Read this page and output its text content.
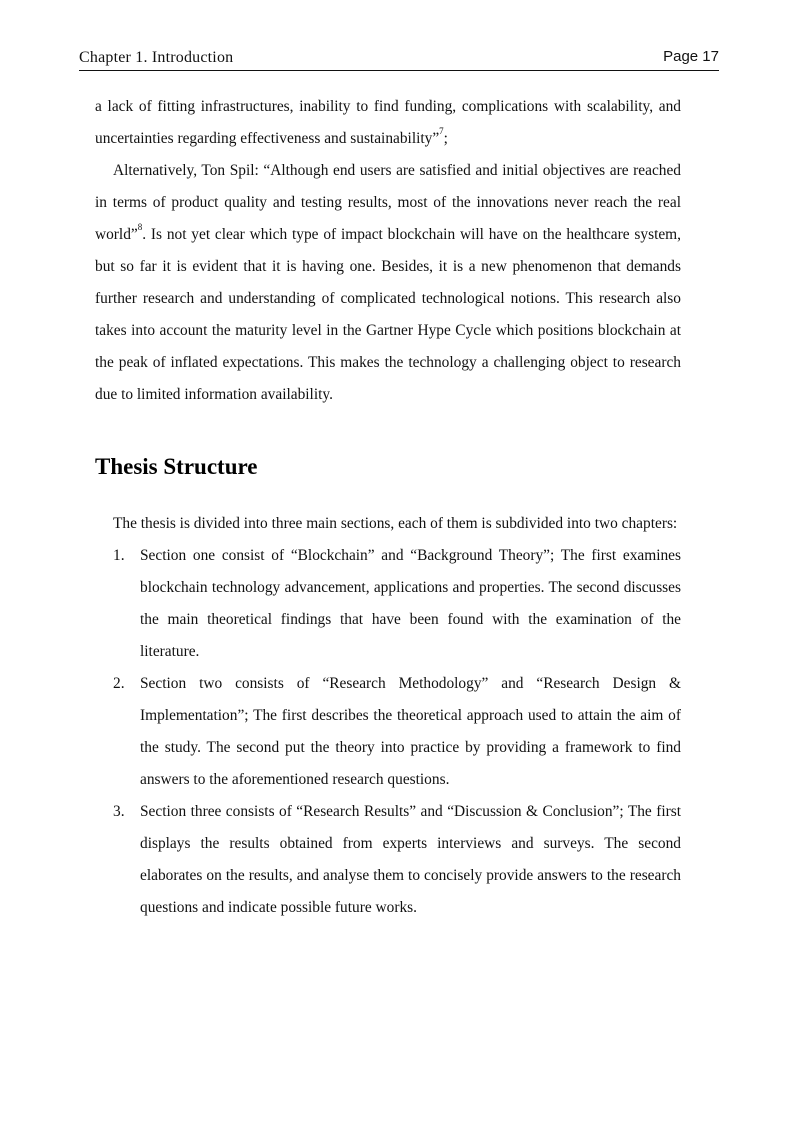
Chapter 1. Introduction	Page 17

a lack of fitting infrastructures, inability to find funding, complications with scalability, and uncertainties regarding effectiveness and sustainability”$^7$;

Alternatively, Ton Spil: “Although end users are satisfied and initial objectives are reached in terms of product quality and testing results, most of the innovations never reach the real world”$^8$. Is not yet clear which type of impact blockchain will have on the healthcare system, but so far it is evident that it is having one. Besides, it is a new phenomenon that demands further research and understanding of complicated technological notions. This research also takes into account the maturity level in the Gartner Hype Cycle which positions blockchain at the peak of inflated expectations. This makes the technology a challenging object to research due to limited information availability.

Thesis Structure

The thesis is divided into three main sections, each of them is subdivided into two chapters:

1. Section one consist of “Blockchain” and “Background Theory”; The first examines blockchain technology advancement, applications and properties. The second discusses the main theoretical findings that have been found with the examination of the literature.
2. Section two consists of “Research Methodology” and “Research Design & Implementation”; The first describes the theoretical approach used to attain the aim of the study. The second put the theory into practice by providing a framework to find answers to the aforementioned research questions.
3. Section three consists of “Research Results” and “Discussion & Conclusion”; The first displays the results obtained from experts interviews and surveys. The second elaborates on the results, and analyse them to concisely provide answers to the research questions and indicate possible future works.
